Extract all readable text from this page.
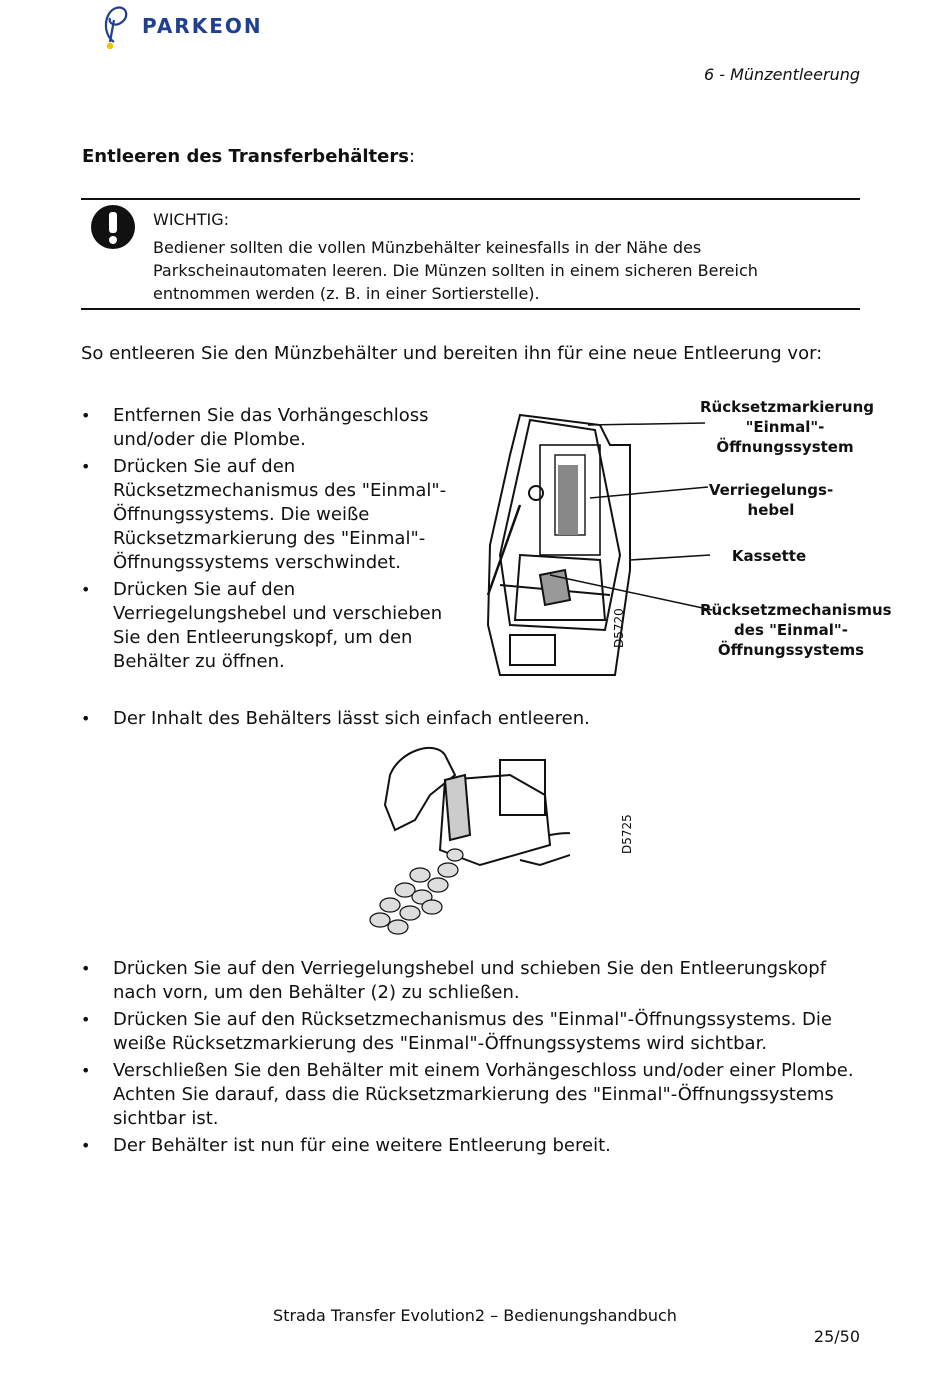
PARKEON
6 - Münzentleerung
Entleeren des Transferbehälters:
WICHTIG:
Bediener sollten die vollen Münzbehälter keinesfalls in der Nähe des Parkscheinautomaten leeren. Die Münzen sollten in einem sicheren Bereich entnommen werden (z. B. in einer Sortierstelle).
So entleeren Sie den Münzbehälter und bereiten ihn für eine neue Entleerung vor:
• Entfernen Sie das Vorhängeschloss und/oder die Plombe.
• Drücken Sie auf den Rücksetzmechanismus des "Einmal"-Öffnungssystems. Die weiße Rücksetzmarkierung des "Einmal"-Öffnungssystems verschwindet.
• Drücken Sie auf den Verriegelungshebel und verschieben Sie den Entleerungskopf, um den Behälter zu öffnen.
D5720
Rücksetzmarkierung "Einmal"-Öffnungssystem
Verriegelungs-hebel
Kassette
Rücksetzmechanismus des "Einmal"-Öffnungssystems
• Der Inhalt des Behälters lässt sich einfach entleeren.
D5725
• Drücken Sie auf den Verriegelungshebel und schieben Sie den Entleerungskopf nach vorn, um den Behälter (2) zu schließen.
• Drücken Sie auf den Rücksetzmechanismus des "Einmal"-Öffnungssystems. Die weiße Rücksetzmarkierung des "Einmal"-Öffnungssystems wird sichtbar.
• Verschließen Sie den Behälter mit einem Vorhängeschloss und/oder einer Plombe. Achten Sie darauf, dass die Rücksetzmarkierung des "Einmal"-Öffnungssystems sichtbar ist.
• Der Behälter ist nun für eine weitere Entleerung bereit.
Strada Transfer Evolution2 – Bedienungshandbuch
25/50
